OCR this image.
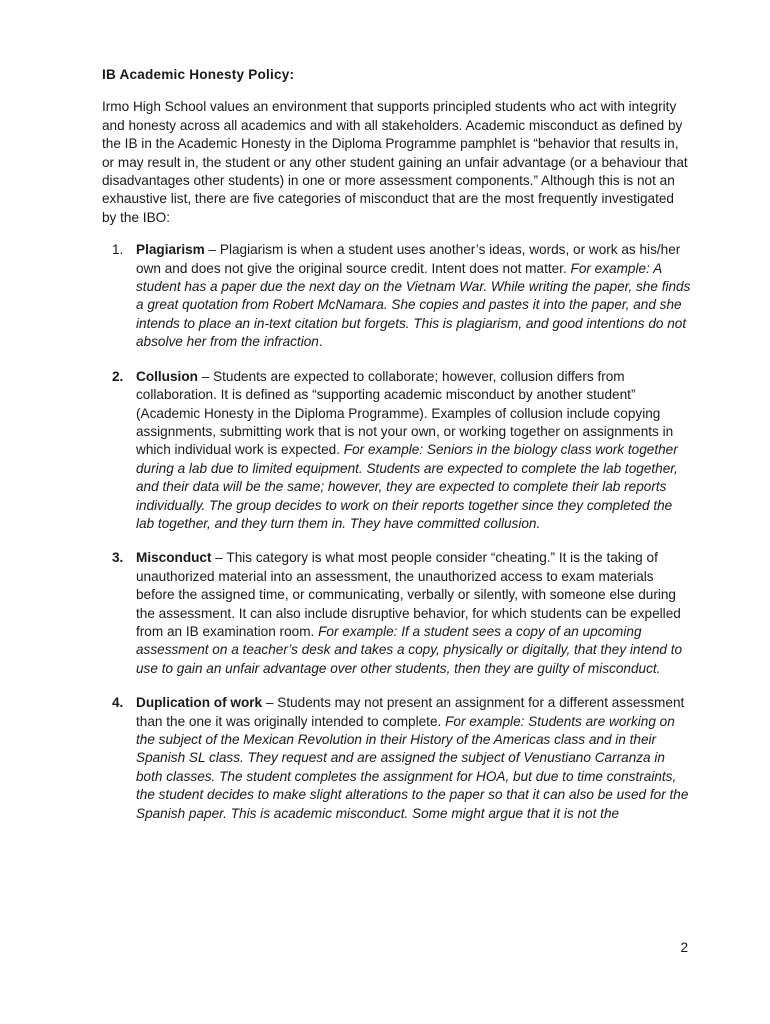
IB Academic Honesty Policy:
Irmo High School values an environment that supports principled students who act with integrity and honesty across all academics and with all stakeholders. Academic misconduct as defined by the IB in the Academic Honesty in the Diploma Programme pamphlet is “behavior that results in, or may result in, the student or any other student gaining an unfair advantage (or a behaviour that disadvantages other students) in one or more assessment components.” Although this is not an exhaustive list, there are five categories of misconduct that are the most frequently investigated by the IBO:
1. Plagiarism – Plagiarism is when a student uses another’s ideas, words, or work as his/her own and does not give the original source credit. Intent does not matter. For example: A student has a paper due the next day on the Vietnam War. While writing the paper, she finds a great quotation from Robert McNamara. She copies and pastes it into the paper, and she intends to place an in-text citation but forgets. This is plagiarism, and good intentions do not absolve her from the infraction.
2. Collusion – Students are expected to collaborate; however, collusion differs from collaboration. It is defined as “supporting academic misconduct by another student” (Academic Honesty in the Diploma Programme). Examples of collusion include copying assignments, submitting work that is not your own, or working together on assignments in which individual work is expected. For example: Seniors in the biology class work together during a lab due to limited equipment. Students are expected to complete the lab together, and their data will be the same; however, they are expected to complete their lab reports individually. The group decides to work on their reports together since they completed the lab together, and they turn them in. They have committed collusion.
3. Misconduct – This category is what most people consider “cheating.” It is the taking of unauthorized material into an assessment, the unauthorized access to exam materials before the assigned time, or communicating, verbally or silently, with someone else during the assessment. It can also include disruptive behavior, for which students can be expelled from an IB examination room. For example: If a student sees a copy of an upcoming assessment on a teacher’s desk and takes a copy, physically or digitally, that they intend to use to gain an unfair advantage over other students, then they are guilty of misconduct.
4. Duplication of work – Students may not present an assignment for a different assessment than the one it was originally intended to complete. For example: Students are working on the subject of the Mexican Revolution in their History of the Americas class and in their Spanish SL class. They request and are assigned the subject of Venustiano Carranza in both classes. The student completes the assignment for HOA, but due to time constraints, the student decides to make slight alterations to the paper so that it can also be used for the Spanish paper. This is academic misconduct. Some might argue that it is not the
2
